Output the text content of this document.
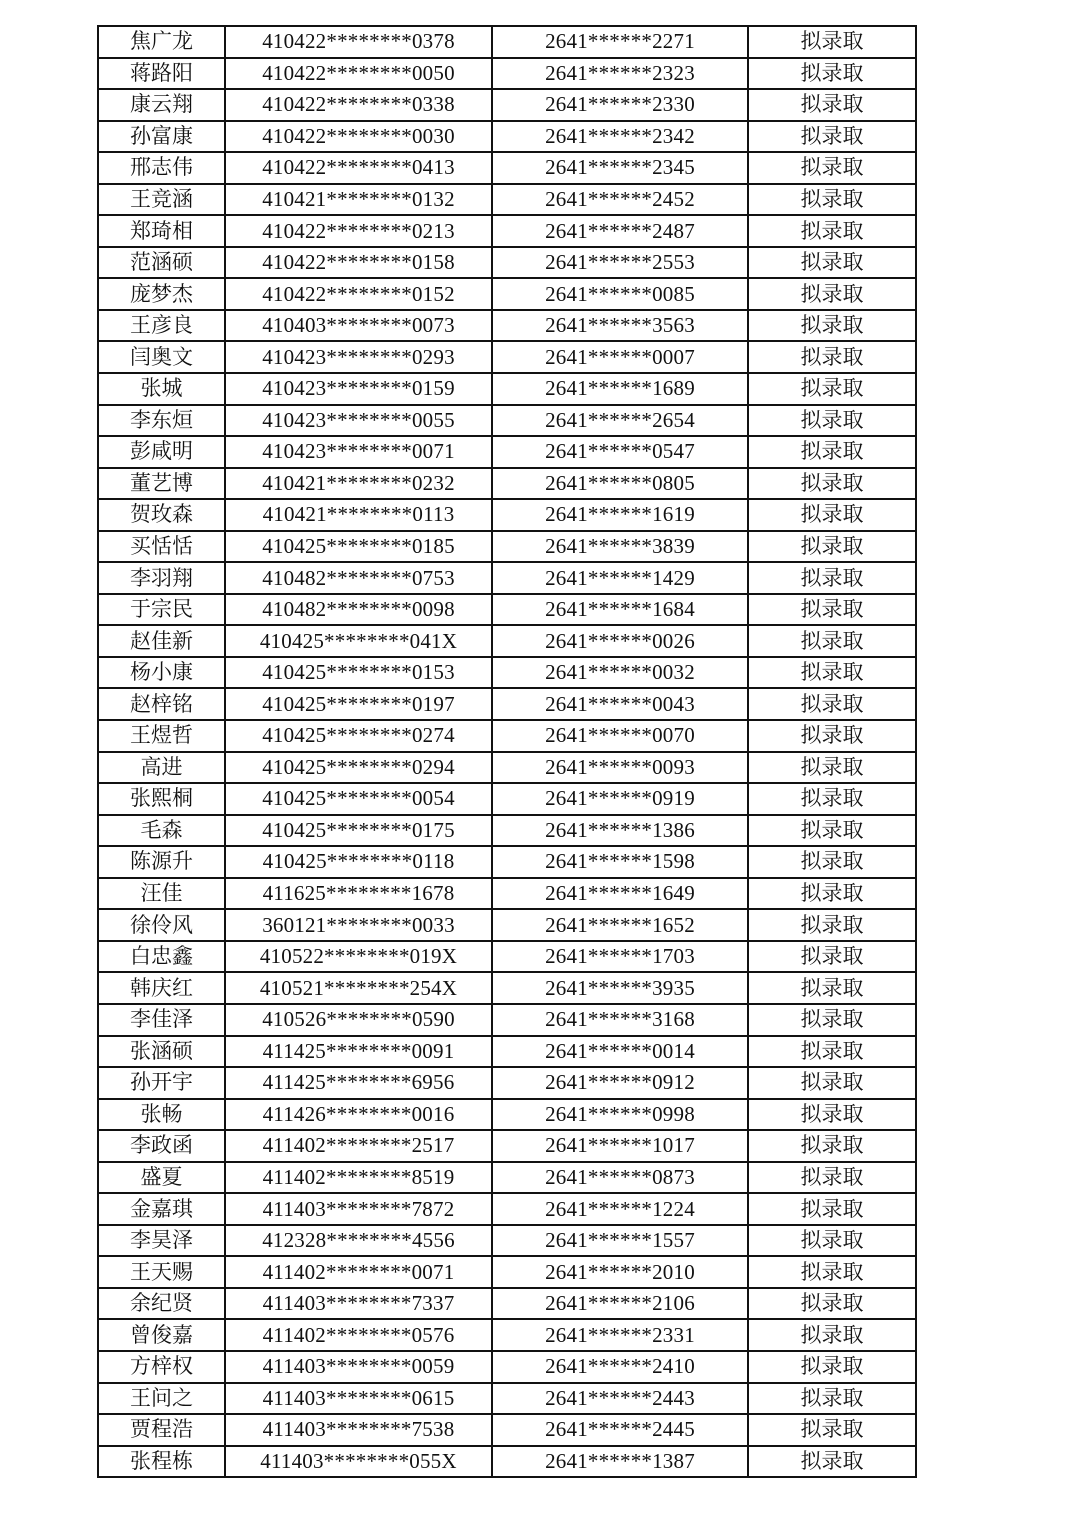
焦广龙	410422********0378	2641******2271	拟录取
蒋路阳	410422********0050	2641******2323	拟录取
康云翔	410422********0338	2641******2330	拟录取
孙富康	410422********0030	2641******2342	拟录取
邢志伟	410422********0413	2641******2345	拟录取
王竞涵	410421********0132	2641******2452	拟录取
郑琦相	410422********0213	2641******2487	拟录取
范涵硕	410422********0158	2641******2553	拟录取
庞梦杰	410422********0152	2641******0085	拟录取
王彦良	410403********0073	2641******3563	拟录取
闫奥文	410423********0293	2641******0007	拟录取
张城	410423********0159	2641******1689	拟录取
李东烜	410423********0055	2641******2654	拟录取
彭咸明	410423********0071	2641******0547	拟录取
董艺博	410421********0232	2641******0805	拟录取
贺玫森	410421********0113	2641******1619	拟录取
买恬恬	410425********0185	2641******3839	拟录取
李羽翔	410482********0753	2641******1429	拟录取
于宗民	410482********0098	2641******1684	拟录取
赵佳新	410425********041X	2641******0026	拟录取
杨小康	410425********0153	2641******0032	拟录取
赵梓铭	410425********0197	2641******0043	拟录取
王煜哲	410425********0274	2641******0070	拟录取
高进	410425********0294	2641******0093	拟录取
张熙桐	410425********0054	2641******0919	拟录取
毛森	410425********0175	2641******1386	拟录取
陈源升	410425********0118	2641******1598	拟录取
汪佳	411625********1678	2641******1649	拟录取
徐伶风	360121********0033	2641******1652	拟录取
白忠鑫	410522********019X	2641******1703	拟录取
韩庆红	410521********254X	2641******3935	拟录取
李佳泽	410526********0590	2641******3168	拟录取
张涵硕	411425********0091	2641******0014	拟录取
孙开宇	411425********6956	2641******0912	拟录取
张畅	411426********0016	2641******0998	拟录取
李政函	411402********2517	2641******1017	拟录取
盛夏	411402********8519	2641******0873	拟录取
金嘉琪	411403********7872	2641******1224	拟录取
李昊泽	412328********4556	2641******1557	拟录取
王天赐	411402********0071	2641******2010	拟录取
余纪贤	411403********7337	2641******2106	拟录取
曾俊嘉	411402********0576	2641******2331	拟录取
方梓权	411403********0059	2641******2410	拟录取
王问之	411403********0615	2641******2443	拟录取
贾程浩	411403********7538	2641******2445	拟录取
张程栋	411403********055X	2641******1387	拟录取
